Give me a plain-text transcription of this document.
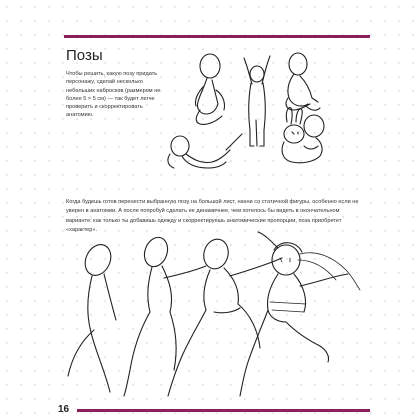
Позы
Чтобы решить, какую позу придать персонажу, сделай несколько небольших набросков (размером не более 5 × 5 см) — так будет легче проверить и скорректировать анатомию.
Когда будешь готов перенести выбранную позу на большой лист, начни со статичной фигуры, особенно если не уверен в анатомии. А после попробуй сделать ее динамичнее, чем хотелось бы видеть в окончательном варианте: как только ты добавишь одежду и скорректируешь анатомические пропорции, поза приобретет «характер».
16
